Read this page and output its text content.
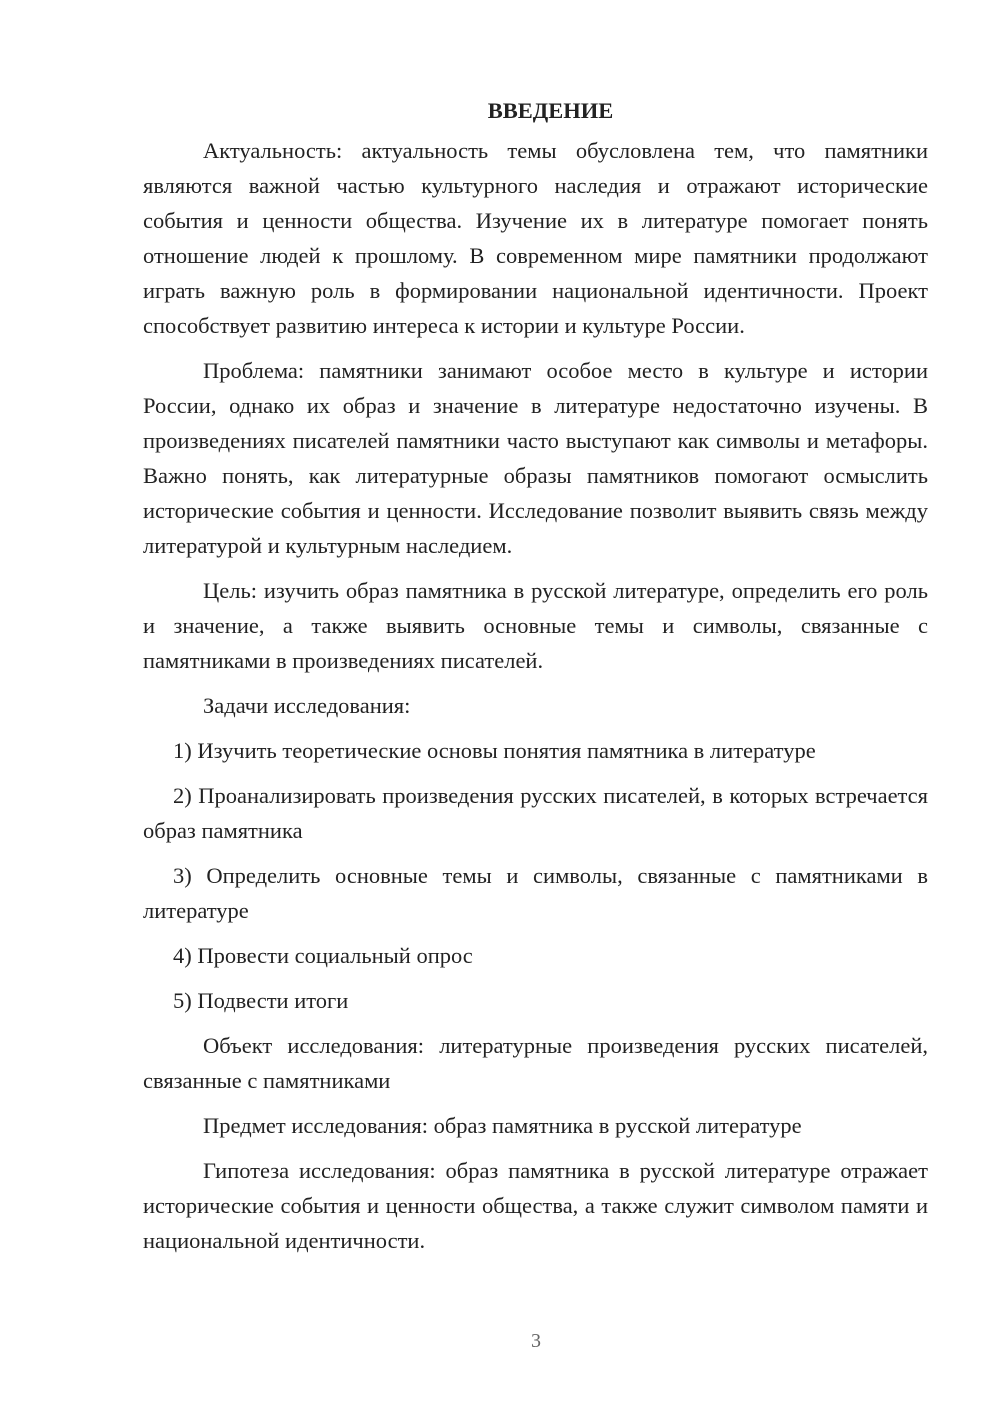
ВВЕДЕНИЕ

Актуальность: актуальность темы обусловлена тем, что памятники являются важной частью культурного наследия и отражают исторические события и ценности общества. Изучение их в литературе помогает понять отношение людей к прошлому. В современном мире памятники продолжают играть важную роль в формировании национальной идентичности. Проект способствует развитию интереса к истории и культуре России.

Проблема: памятники занимают особое место в культуре и истории России, однако их образ и значение в литературе недостаточно изучены. В произведениях писателей памятники часто выступают как символы и метафоры. Важно понять, как литературные образы памятников помогают осмыслить исторические события и ценности. Исследование позволит выявить связь между литературой и культурным наследием.

Цель: изучить образ памятника в русской литературе, определить его роль и значение, а также выявить основные темы и символы, связанные с памятниками в произведениях писателей.

Задачи исследования:

1) Изучить теоретические основы понятия памятника в литературе

2) Проанализировать произведения русских писателей, в которых встречается образ памятника

3) Определить основные темы и символы, связанные с памятниками в литературе

4) Провести социальный опрос

5) Подвести итоги

Объект исследования: литературные произведения русских писателей, связанные с памятниками

Предмет исследования: образ памятника в русской литературе

Гипотеза исследования: образ памятника в русской литературе отражает исторические события и ценности общества, а также служит символом памяти и национальной идентичности.

3
